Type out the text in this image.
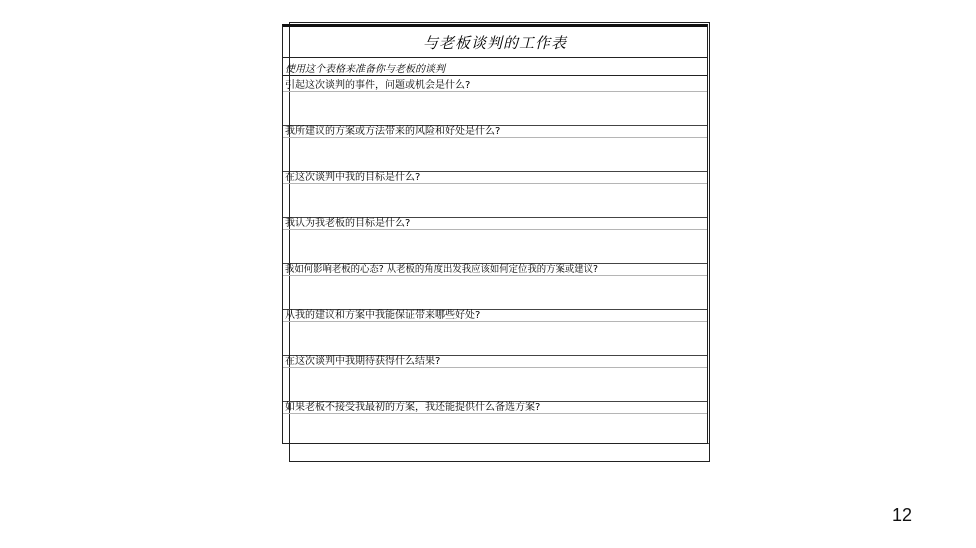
与老板谈判的工作表
使用这个表格来准备你与老板的谈判
引起这次谈判的事件，问题或机会是什么?
我所建议的方案或方法带来的风险和好处是什么?
在这次谈判中我的目标是什么?
我认为我老板的目标是什么?
我如何影响老板的心态? 从老板的角度出发我应该如何定位我的方案或建议?
从我的建议和方案中我能保证带来哪些好处?
在这次谈判中我期待获得什么结果?
如果老板不接受我最初的方案，我还能提供什么备选方案?
12
